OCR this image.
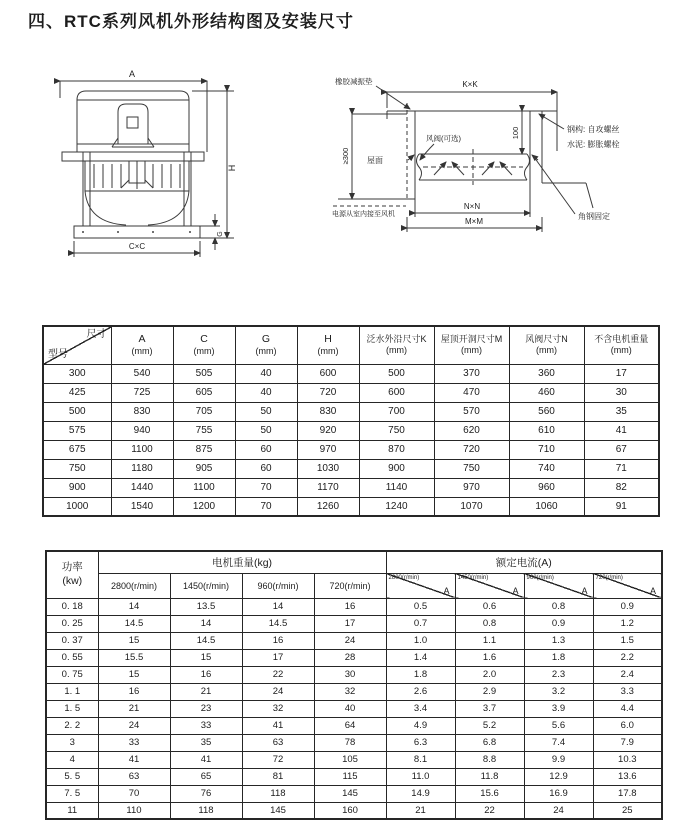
四、RTC系列风机外形结构图及安装尺寸
A
H
C×C
G
橡胶减振垫	K×K
风阀(可选)	100
≥300 屋面
电源从室内接至风机
钢构: 自攻螺丝
水泥: 膨胀螺栓
角钢固定
N×N
M×M
尺寸
型号

A
(mm)

C
(mm)

G
(mm)

H
(mm)

泛水外沿尺寸K
(mm)

屋顶开洞尺寸M
(mm)

风阀尺寸N
(mm)

不含电机重量
(mm)

300	540	505	40	600	500	370	360	17
425	725	605	40	720	600	470	460	30
500	830	705	50	830	700	570	560	35
575	940	755	50	920	750	620	610	41
675	1100	875	60	970	870	720	710	67
750	1180	905	60	1030	900	750	740	71
900	1440	1100	70	1170	1140	970	960	82
1000	1540	1200	70	1260	1240	1070	1060	91
功率
(kw)	电机重量(kg)				额定电流(A)			
	2800(r/min)	1450(r/min)	960(r/min)	720(r/min)	2800(r/min)
A	1450(r/min)
A	960(r/min)
A	720(r/min)
A

0. 18	14	13.5	14	16	0.5	0.6	0.8	0.9
0. 25	14.5	14	14.5	17	0.7	0.8	0.9	1.2
0. 37	15	14.5	16	24	1.0	1.1	1.3	1.5
0. 55	15.5	15	17	28	1.4	1.6	1.8	2.2
0. 75	15	16	22	30	1.8	2.0	2.3	2.4
1. 1	16	21	24	32	2.6	2.9	3.2	3.3
1. 5	21	23	32	40	3.4	3.7	3.9	4.4
2. 2	24	33	41	64	4.9	5.2	5.6	6.0
3	33	35	63	78	6.3	6.8	7.4	7.9
4	41	41	72	105	8.1	8.8	9.9	10.3
5. 5	63	65	81	115	11.0	11.8	12.9	13.6
7. 5	70	76	118	145	14.9	15.6	16.9	17.8
11	110	118	145	160	21	22	24	25
